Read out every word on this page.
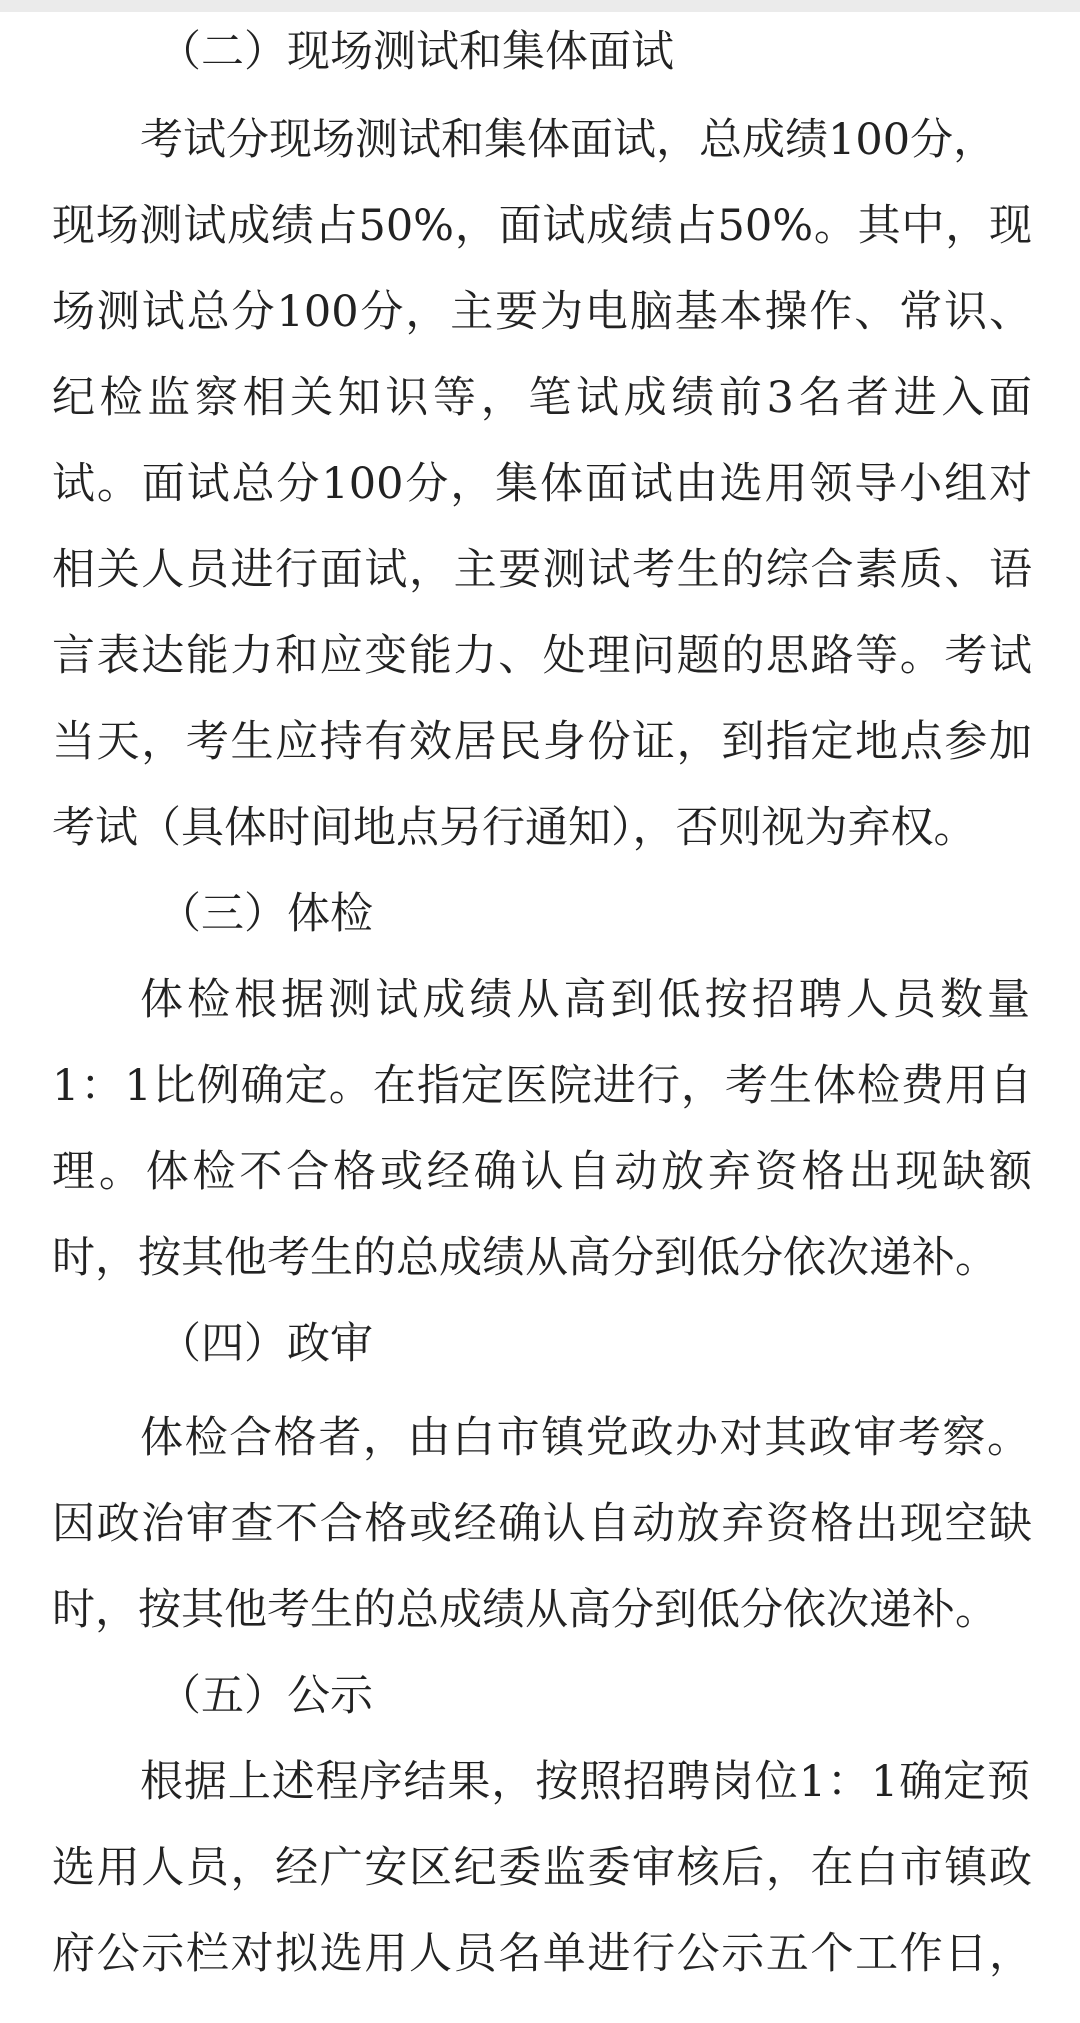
（二）现场测试和集体面试
考试分现场测试和集体面试，总成绩100分，
现场测试成绩占50%，面试成绩占50%。其中，现
场测试总分100分，主要为电脑基本操作、常识、
纪检监察相关知识等，笔试成绩前3名者进入面
试。面试总分100分，集体面试由选用领导小组对
相关人员进行面试，主要测试考生的综合素质、语
言表达能力和应变能力、处理问题的思路等。考试
当天，考生应持有效居民身份证，到指定地点参加
考试（具体时间地点另行通知），否则视为弃权。
（三）体检
体检根据测试成绩从高到低按招聘人员数量
1：1比例确定。在指定医院进行，考生体检费用自
理。体检不合格或经确认自动放弃资格出现缺额
时，按其他考生的总成绩从高分到低分依次递补。
（四）政审
体检合格者，由白市镇党政办对其政审考察。
因政治审查不合格或经确认自动放弃资格出现空缺
时，按其他考生的总成绩从高分到低分依次递补。
（五）公示
根据上述程序结果，按照招聘岗位1：1确定预
选用人员，经广安区纪委监委审核后，在白市镇政
府公示栏对拟选用人员名单进行公示五个工作日，
